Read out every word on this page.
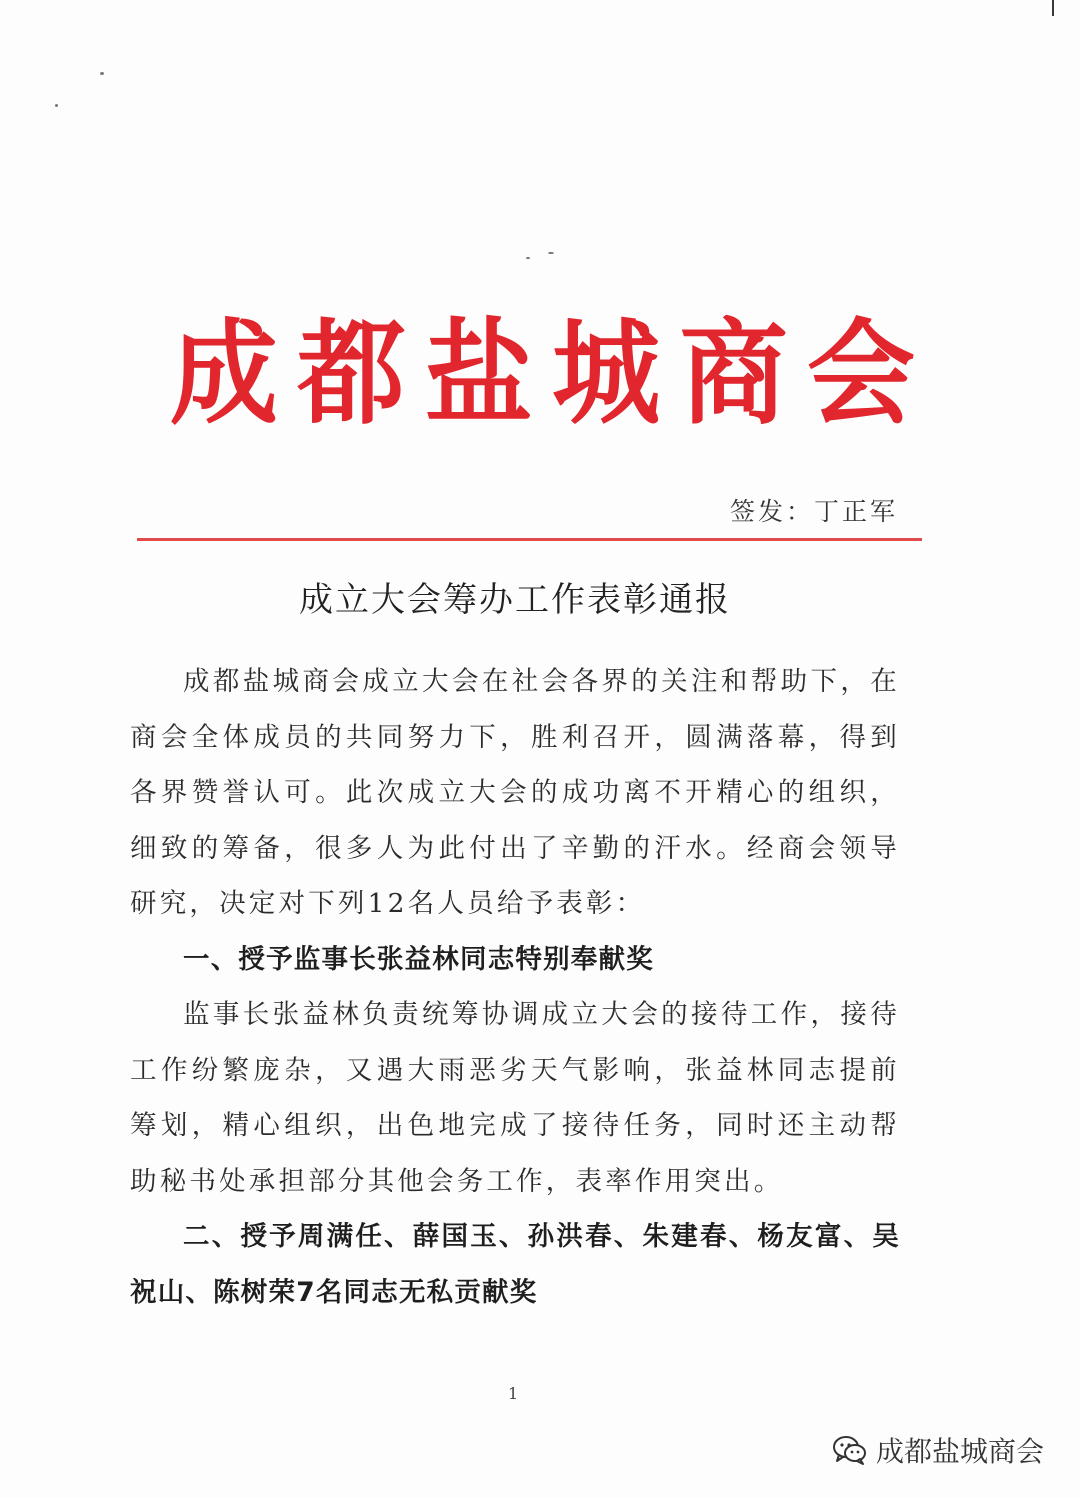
成 都 盐 城 商 会
签发：丁正军
成立大会筹办工作表彰通报

成都盐城商会成立大会在社会各界的关注和帮助下，在商会全体成员的共同努力下，胜利召开，圆满落幕，得到各界赞誉认可。此次成立大会的成功离不开精心的组织，细致的筹备，很多人为此付出了辛勤的汗水。经商会领导研究，决定对下列12名人员给予表彰：

一、授予监事长张益林同志特别奉献奖

监事长张益林负责统筹协调成立大会的接待工作，接待工作纷繁庞杂，又遇大雨恶劣天气影响，张益林同志提前筹划，精心组织，出色地完成了接待任务，同时还主动帮助秘书处承担部分其他会务工作，表率作用突出。

二、授予周满任、薛国玉、孙洪春、朱建春、杨友富、吴祝山、陈树荣7名同志无私贡献奖

1
成都盐城商会
